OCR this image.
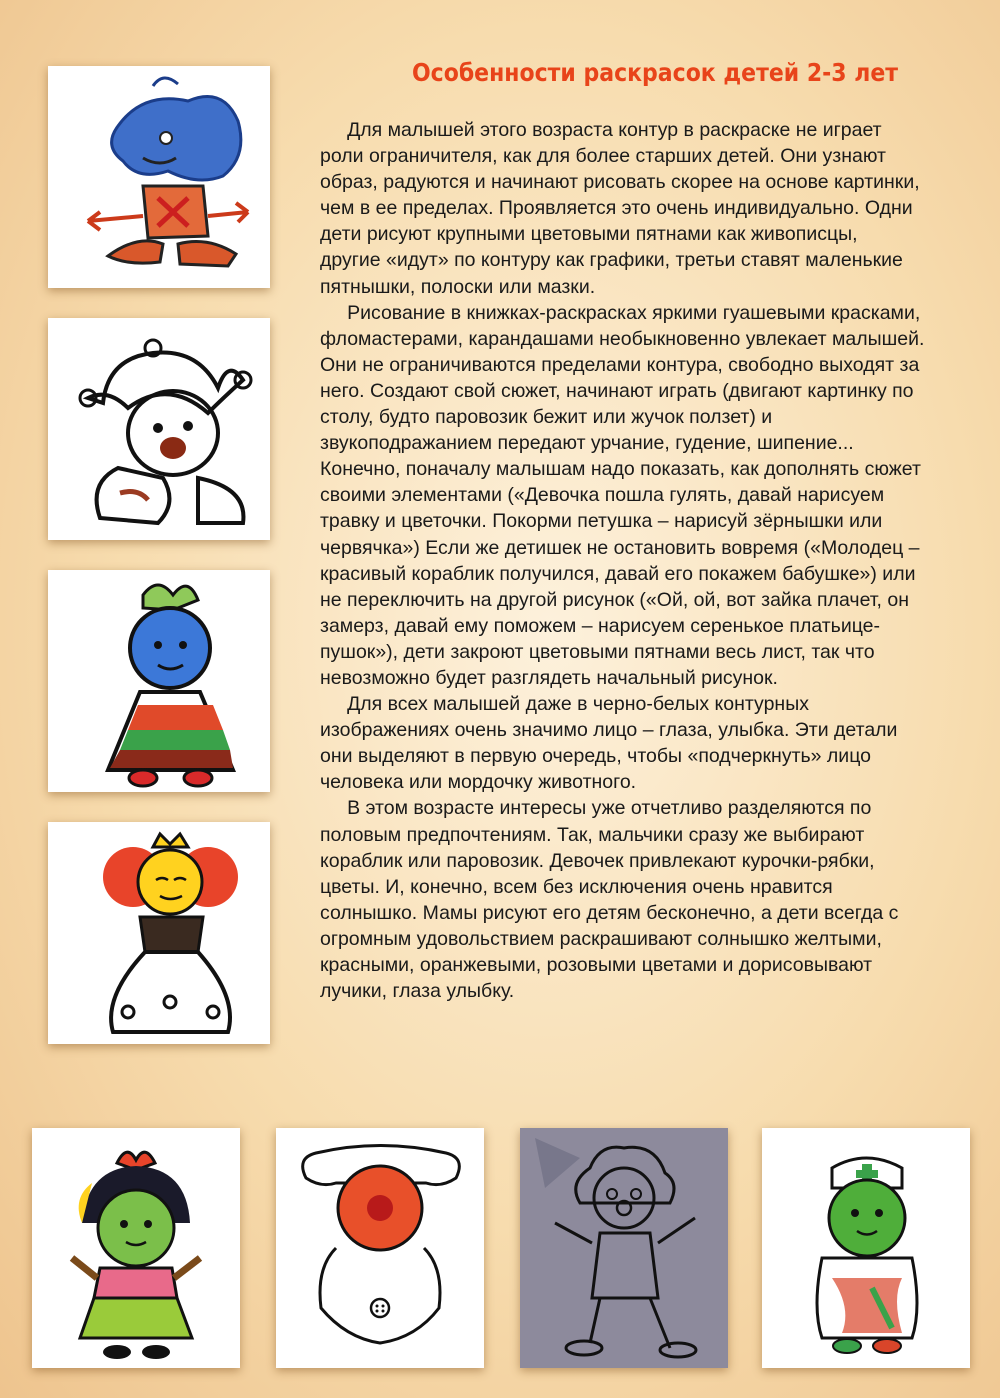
Особенности раскрасок детей 2-3 лет

Для малышей этого возраста контур в раскраске не играет
роли ограничителя, как для более старших детей. Они узнают
образ, радуются и начинают рисовать скорее на основе картинки,
чем в ее пределах. Проявляется это очень индивидуально. Одни
дети рисуют крупными цветовыми пятнами как живописцы,
другие «идут» по контуру как графики, третьи ставят маленькие
пятнышки, полоски или мазки.

Рисование в книжках-раскрасках яркими гуашевыми красками,
фломастерами, карандашами необыкновенно увлекает малышей.
Они не ограничиваются пределами контура, свободно выходят за
него. Создают свой сюжет, начинают играть (двигают картинку по
столу, будто паровозик бежит или жучок ползет) и
звукоподражанием передают урчание, гудение, шипение...
Конечно, поначалу малышам надо показать, как дополнять сюжет
своими элементами («Девочка пошла гулять, давай нарисуем
травку и цветочки. Покорми петушка – нарисуй зёрнышки или
червячка») Если же детишек не остановить вовремя («Молодец –
красивый кораблик получился, давай его покажем бабушке») или
не переключить на другой рисунок («Ой, ой, вот зайка плачет, он
замерз, давай ему поможем – нарисуем серенькое платьице-
пушок»), дети закроют цветовыми пятнами весь лист, так что
невозможно будет разглядеть начальный рисунок.

Для всех малышей даже в черно-белых контурных
изображениях очень значимо лицо – глаза, улыбка. Эти детали
они выделяют в первую очередь, чтобы «подчеркнуть» лицо
человека или мордочку животного.

В этом возрасте интересы уже отчетливо разделяются по
половым предпочтениям. Так, мальчики сразу же выбирают
кораблик или паровозик. Девочек привлекают курочки-рябки,
цветы. И, конечно, всем без исключения очень нравится
солнышко. Мамы рисуют его детям бесконечно, а дети всегда с
огромным удовольствием раскрашивают солнышко желтыми,
красными, оранжевыми, розовыми цветами и дорисовывают
лучики, глаза улыбку.
